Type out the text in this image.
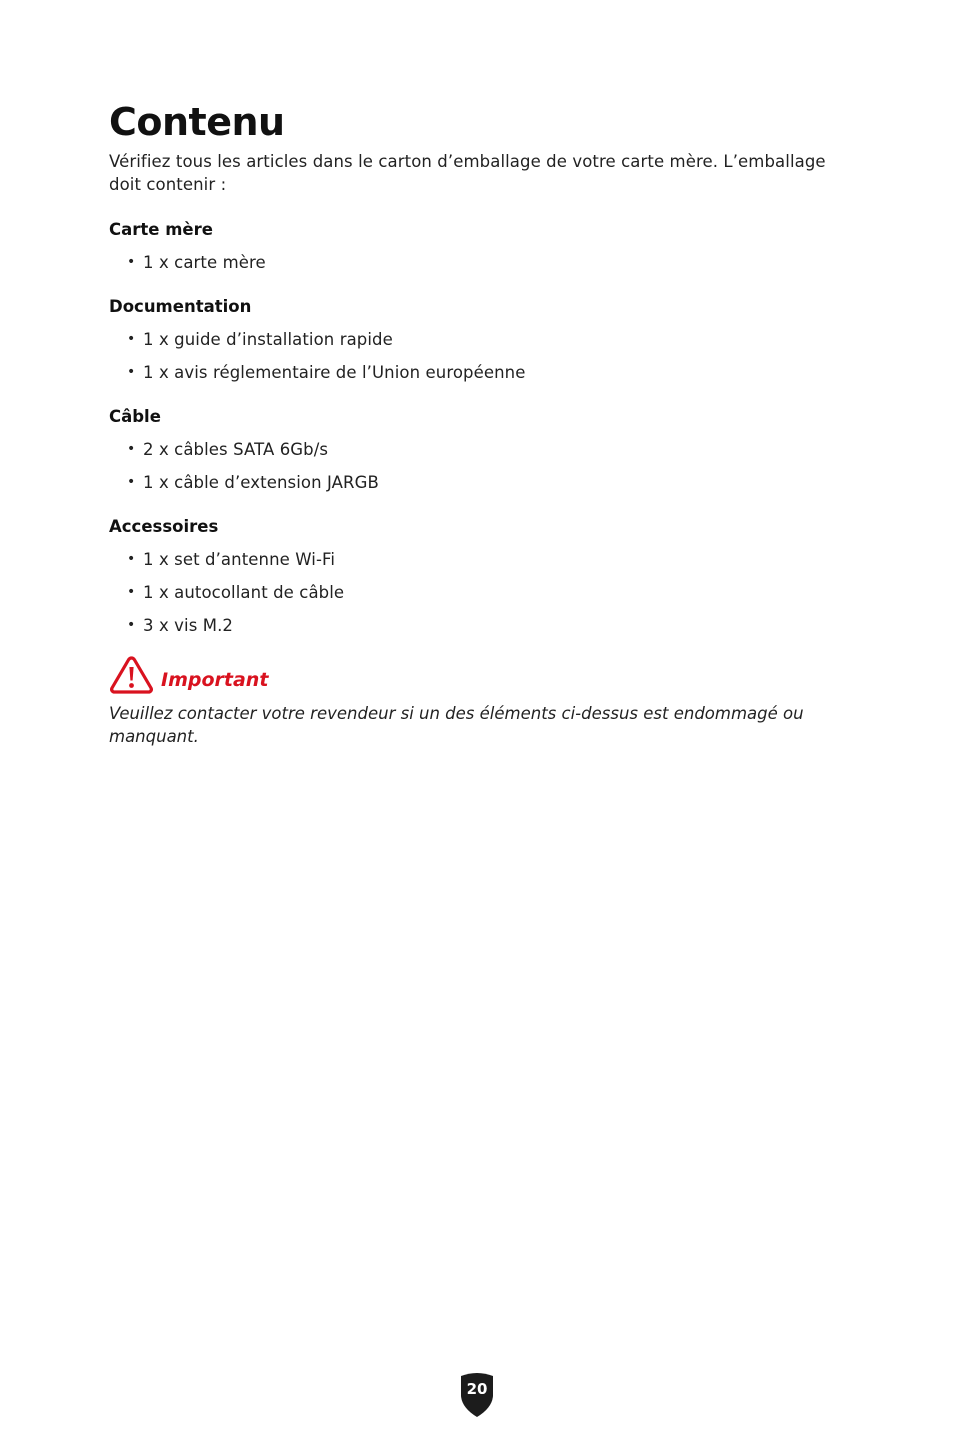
Contenu

Vérifiez tous les articles dans le carton d’emballage de votre carte mère. L’emballage doit contenir :

Carte mère
• 1 x carte mère
Documentation
• 1 x guide d’installation rapide
• 1 x avis réglementaire de l’Union européenne
Câble
• 2 x câbles SATA 6Gb/s
• 1 x câble d’extension JARGB
Accessoires
• 1 x set d’antenne Wi-Fi
• 1 x autocollant de câble
• 3 x vis M.2
Important

Veuillez contacter votre revendeur si un des éléments ci-dessus est endommagé ou manquant.

20
